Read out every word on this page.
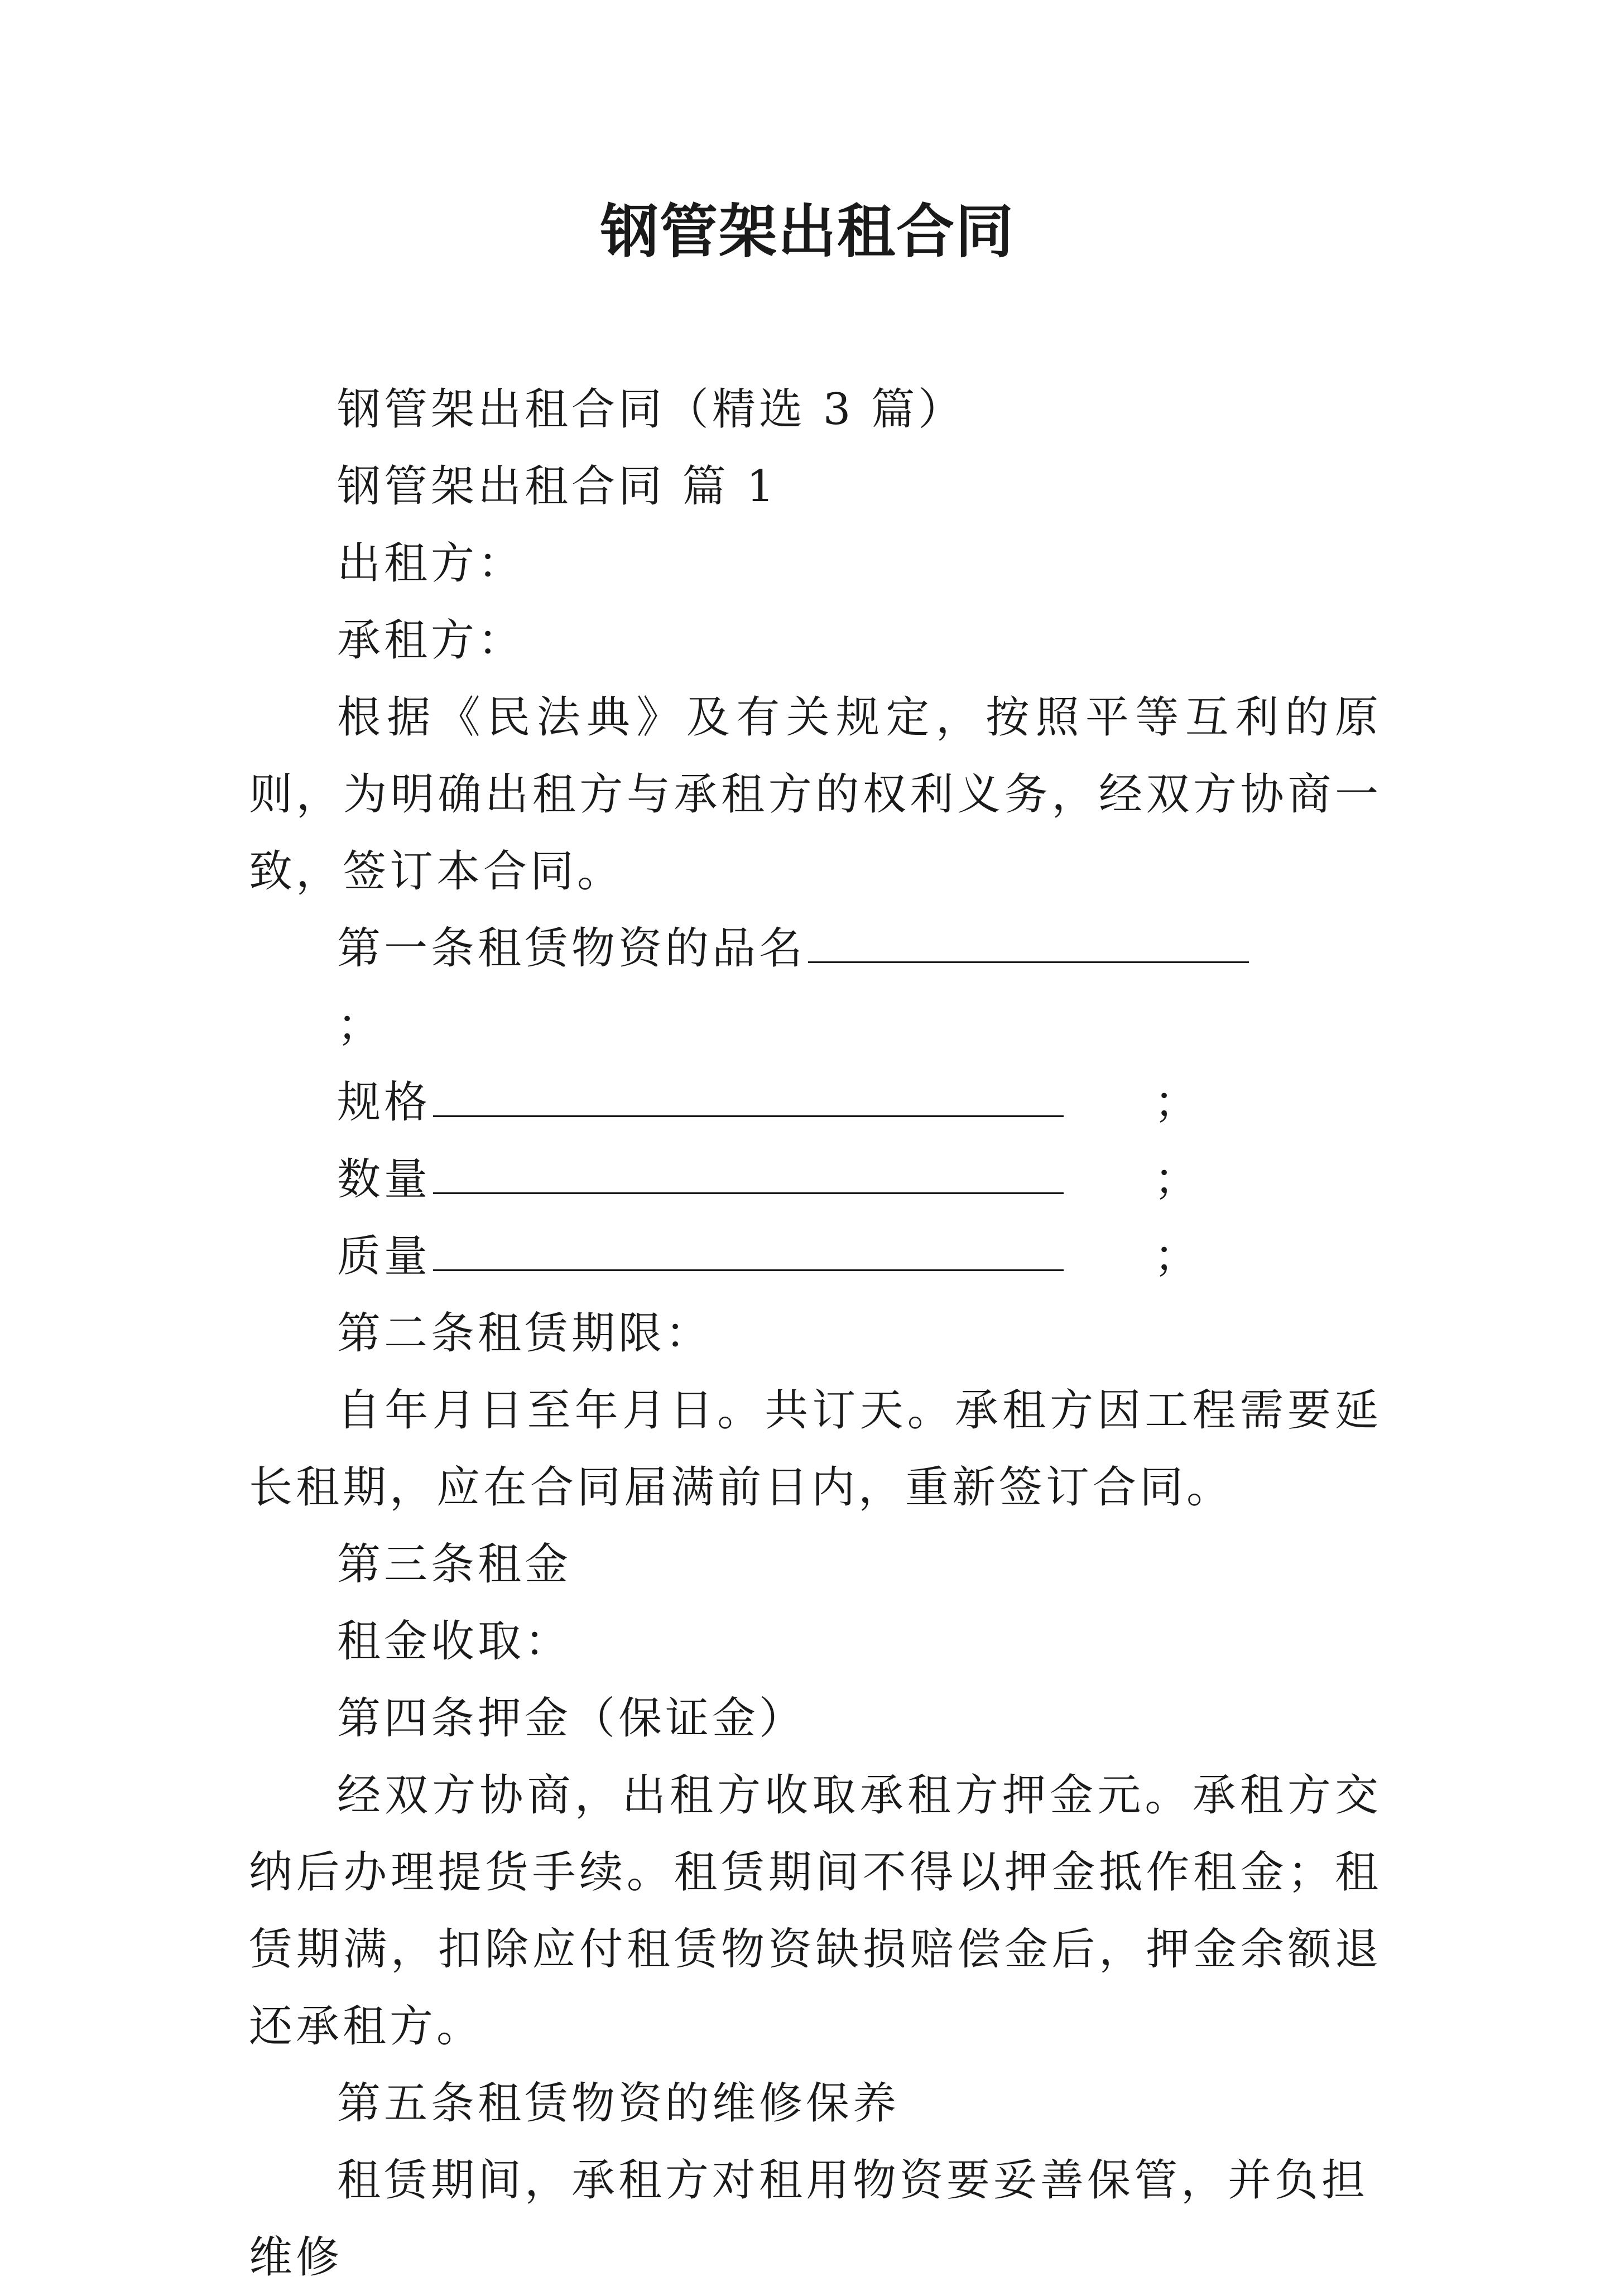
钢管架出租合同

钢管架出租合同（精选 3 篇）

钢管架出租合同 篇 1

出租方：

承租方：

根据《民法典》及有关规定，按照平等互利的原则，为明确出租方与承租方的权利义务，经双方协商一致，签订本合同。

第一条租赁物资的品名；

规格	；

数量	；

质量	；

第二条租赁期限：

自年月日至年月日。共订天。承租方因工程需要延长租期，应在合同届满前日内，重新签订合同。

第三条租金

租金收取：

第四条押金（保证金）

经双方协商，出租方收取承租方押金元。承租方交纳后办理提货手续。租赁期间不得以押金抵作租金；租赁期满，扣除应付租赁物资缺损赔偿金后，押金余额退还承租方。

第五条租赁物资的维修保养

租赁期间，承租方对租用物资要妥善保管，并负担维修
